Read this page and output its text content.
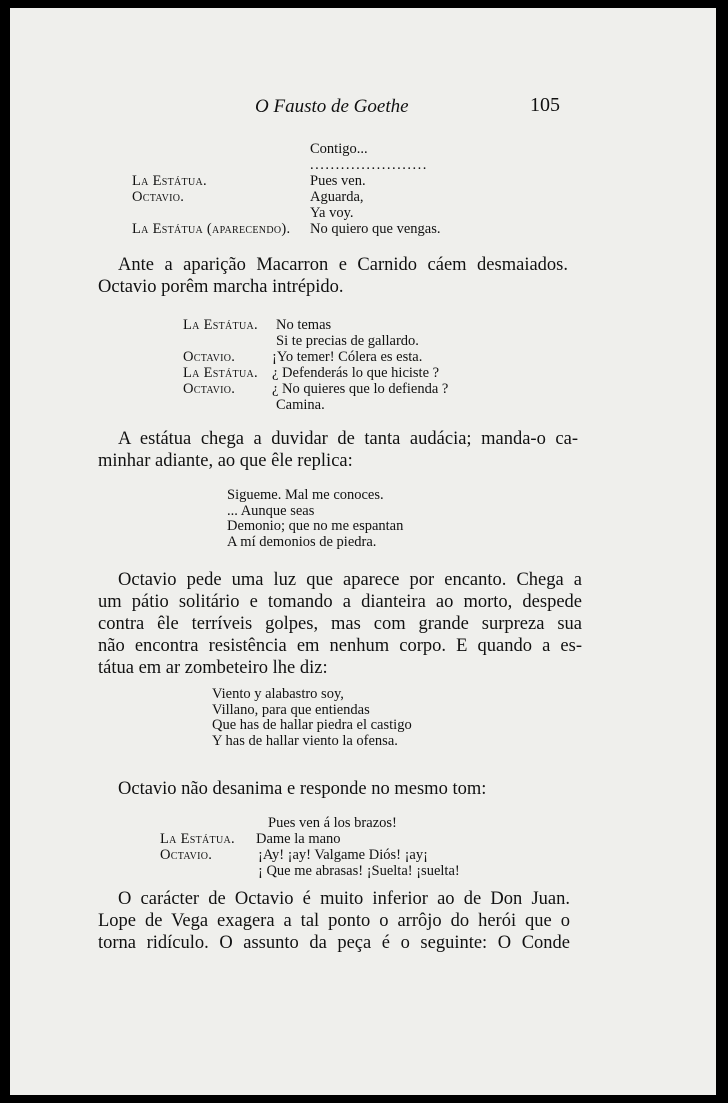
O Fausto de Goethe	105
Contigo...
.......................
La Estátua.	Pues ven.
Octavio.	Aguarda,
Ya voy.
La Estátua (aparecendo). No quiero que vengas.
Ante a aparição Macarron e Carnido cáem desmaiados.
Octavio porêm marcha intrépido.
La Estátua. No temas
Si te precias de gallardo.
Octavio.	¡Yo temer! Cólera es esta.
La Estátua. ¿ Defenderás lo que hiciste ?
Octavio.	¿ No quieres que lo defienda ?
Camina.
A estátua chega a duvidar de tanta audácia; manda-o ca-
minhar adiante, ao que êle replica:
Sigueme. Mal me conoces.
... Aunque seas
Demonio; que no me espantan
A mí demonios de piedra.
Octavio pede uma luz que aparece por encanto. Chega a
um pátio solitário e tomando a dianteira ao morto, despede
contra êle terríveis golpes, mas com grande surpreza sua
não encontra resistência em nenhum corpo. E quando a es-
tátua em ar zombeteiro lhe diz:
Viento y alabastro soy,
Villano, para que entiendas
Que has de hallar piedra el castigo
Y has de hallar viento la ofensa.
Octavio não desanima e responde no mesmo tom:
Pues ven á los brazos!
La Estátua. Dame la mano
Octavio.	¡Ay! ¡ay! Valgame Diós! ¡ay¡
¡ Que me abrasas! ¡Suelta! ¡suelta!
O carácter de Octavio é muito inferior ao de Don Juan.
Lope de Vega exagera a tal ponto o arrôjo do herói que o
torna ridículo. O assunto da peça é o seguinte: O Conde
